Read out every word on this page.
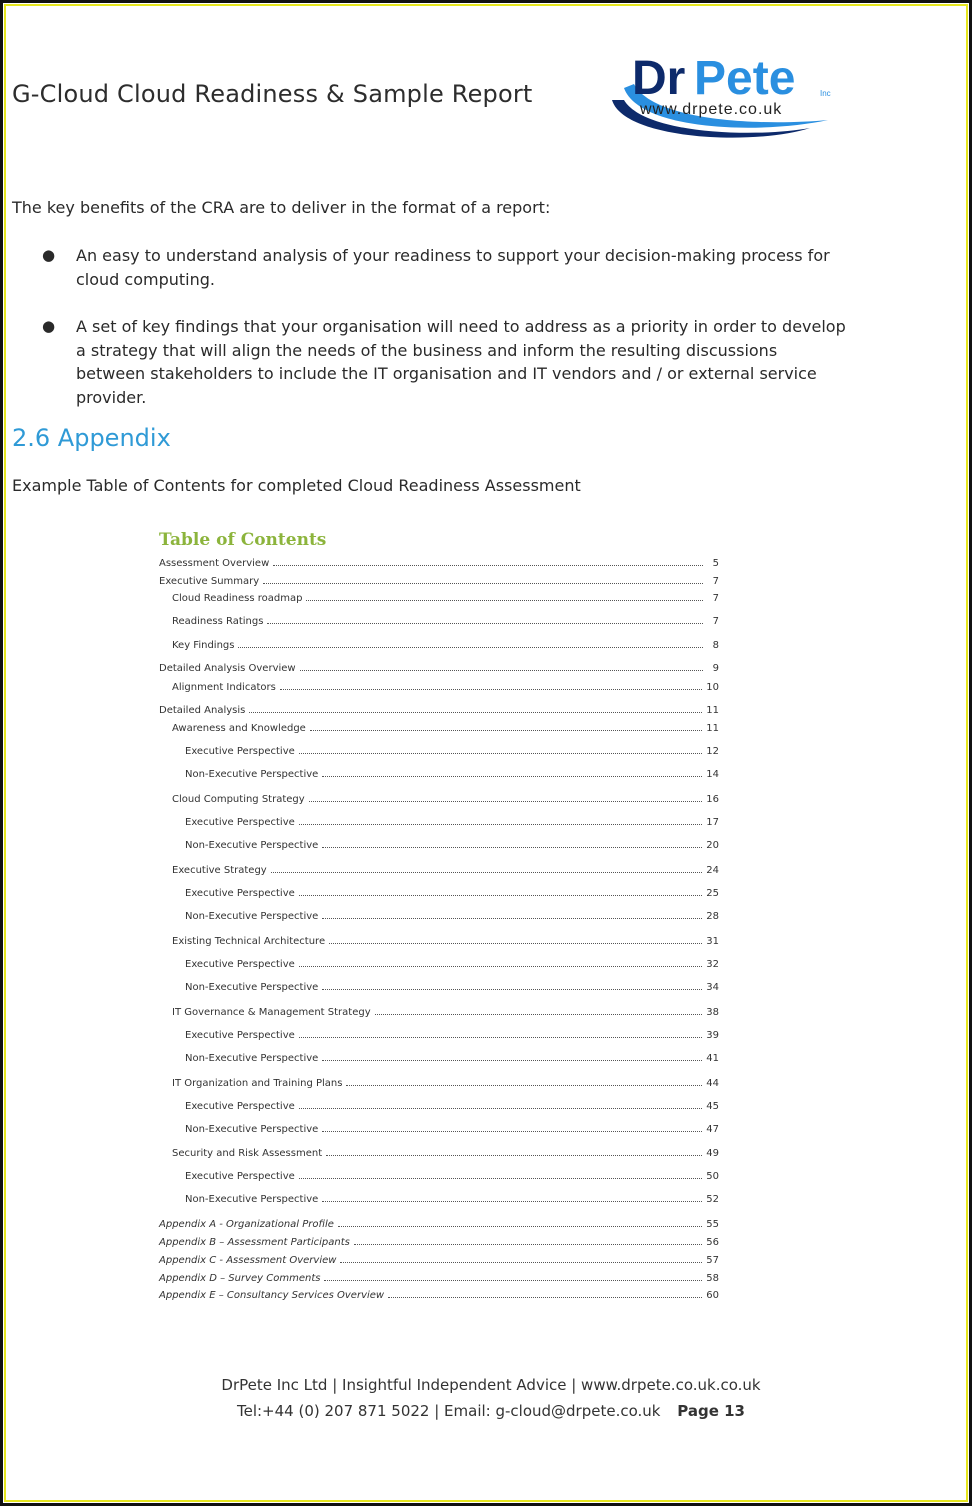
G-Cloud Cloud Readiness & Sample Report Dr Pete	Inc
www.drpete.co.uk
The key benefits of the CRA are to deliver in the format of a report:
● An easy to understand analysis of your readiness to support your decision-making process for cloud computing.
● A set of key findings that your organisation will need to address as a priority in order to develop a strategy that will align the needs of the business and inform the resulting discussions between stakeholders to include the IT organisation and IT vendors and / or external service provider.
2.6 Appendix
Example Table of Contents for completed Cloud Readiness Assessment
Table of Contents
Assessment Overview	5
Executive Summary	7
Cloud Readiness roadmap	7
Readiness Ratings	7
Key Findings	8
Detailed Analysis Overview	9
Alignment Indicators	10
Detailed Analysis	11
Awareness and Knowledge	11
Executive Perspective	12
Non-Executive Perspective	14
Cloud Computing Strategy	16
Executive Perspective	17
Non-Executive Perspective	20
Executive Strategy	24
Executive Perspective	25
Non-Executive Perspective	28
Existing Technical Architecture	31
Executive Perspective	32
Non-Executive Perspective	34
IT Governance & Management Strategy	38
Executive Perspective	39
Non-Executive Perspective	41
IT Organization and Training Plans	44
Executive Perspective	45
Non-Executive Perspective	47
Security and Risk Assessment	49
Executive Perspective	50
Non-Executive Perspective	52
Appendix A - Organizational Profile	55
Appendix B – Assessment Participants	56
Appendix C - Assessment Overview	57
Appendix D – Survey Comments	58
Appendix E – Consultancy Services Overview	60
DrPete Inc Ltd | Insightful Independent Advice | www.drpete.co.uk.co.uk
Tel:+44 (0) 207 871 5022 | Email: g-cloud@drpete.co.uk Page 13
